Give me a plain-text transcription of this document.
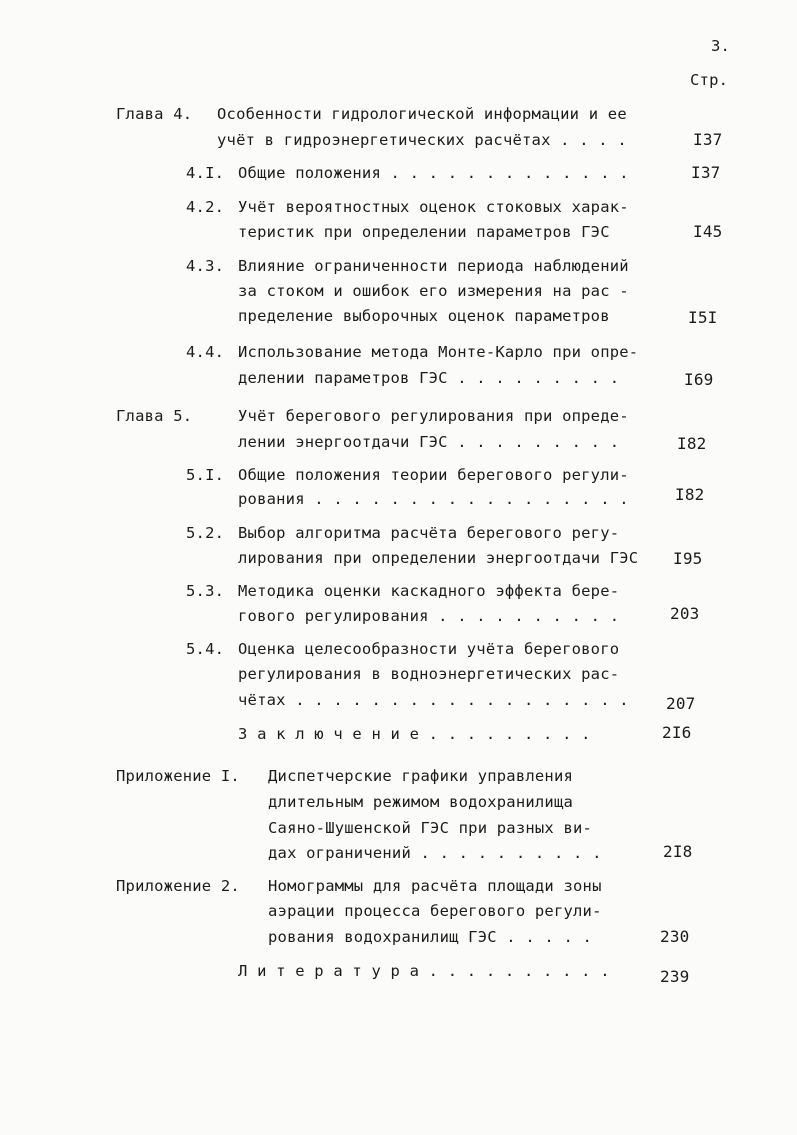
3.
Стр.
Глава 4. Особенности гидрологической информации и ее
учёт в гидроэнергетических расчётах . . . .	I37
4.I. Общие положения . . . . . . . . . . . . .	I37
4.2. Учёт вероятностных оценок стоковых харак-
теристик при определении параметров ГЭС	I45
4.3. Влияние ограниченности периода наблюдений
за стоком и ошибок его измерения на рас -
пределение выборочных оценок параметров	I5I
4.4. Использование метода Монте-Карло при опре-
делении параметров ГЭС . . . . . . . . .	I69
Глава 5.	Учёт берегового регулирования при опреде-
лении энергоотдачи ГЭС . . . . . . . . .	I82
5.I. Общие положения теории берегового регули-
рования . . . . . . . . . . . . . . . . .	I82
5.2. Выбор алгоритма расчёта берегового регу-
лирования при определении энергоотдачи ГЭС I95
5.3. Методика оценки каскадного эффекта бере-
гового регулирования . . . . . . . . . .	203
5.4. Оценка целесообразности учёта берегового
регулирования в водноэнергетических рас-
чётах . . . . . . . . . . . . . . . . . . 207
З а к л ю ч е н и е . . . . . . . . .	2I6
Приложение I. Диспетчерские графики управления
длительным режимом водохранилища
Саяно-Шушенской ГЭС при разных ви-
дах ограничений . . . . . . . . . .	2I8
Приложение 2. Номограммы для расчёта площади зоны
аэрации процесса берегового регули-
рования водохранилищ ГЭС . . . . .	230
Л и т е р а т у р а . . . . . . . . . .	239
